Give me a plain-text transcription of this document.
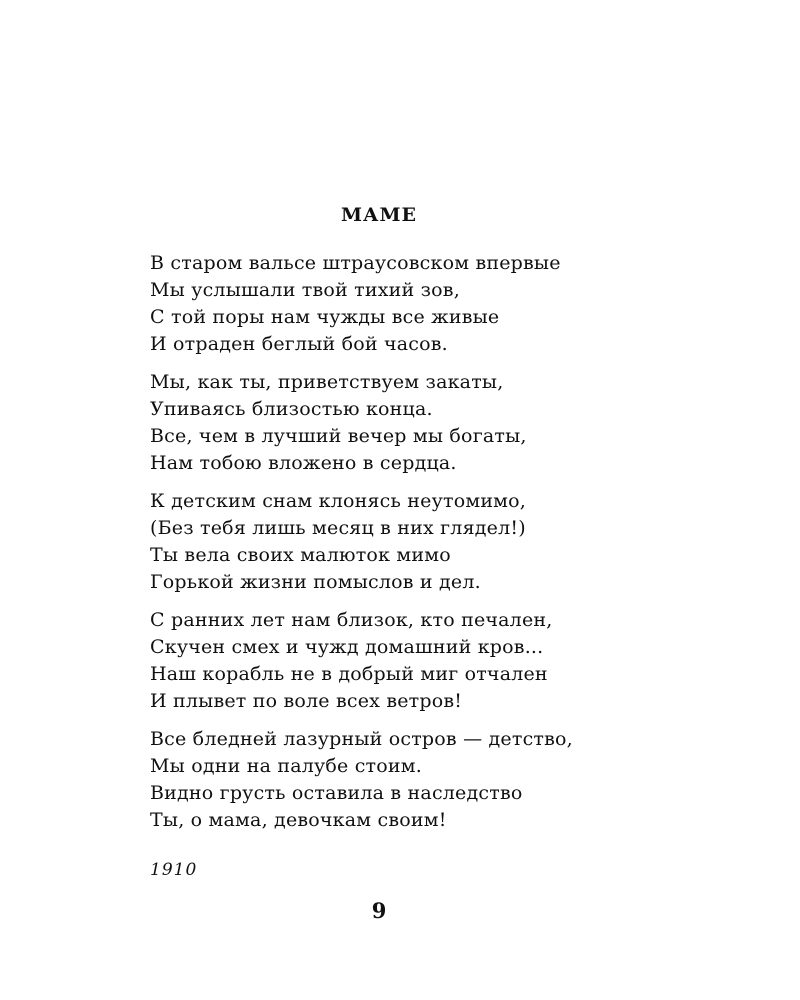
МАМЕ
В старом вальсе штраусовском впервые
Мы услышали твой тихий зов,
С той поры нам чужды все живые
И отраден беглый бой часов.
Мы, как ты, приветствуем закаты,
Упиваясь близостью конца.
Все, чем в лучший вечер мы богаты,
Нам тобою вложено в сердца.
К детским снам клонясь неутомимо,
(Без тебя лишь месяц в них глядел!)
Ты вела своих малюток мимо
Горькой жизни помыслов и дел.
С ранних лет нам близок, кто печален,
Скучен смех и чужд домашний кров...
Наш корабль не в добрый миг отчален
И плывет по воле всех ветров!
Все бледней лазурный остров — детство,
Мы одни на палубе стоим.
Видно грусть оставила в наследство
Ты, о мама, девочкам своим!
1910
9
